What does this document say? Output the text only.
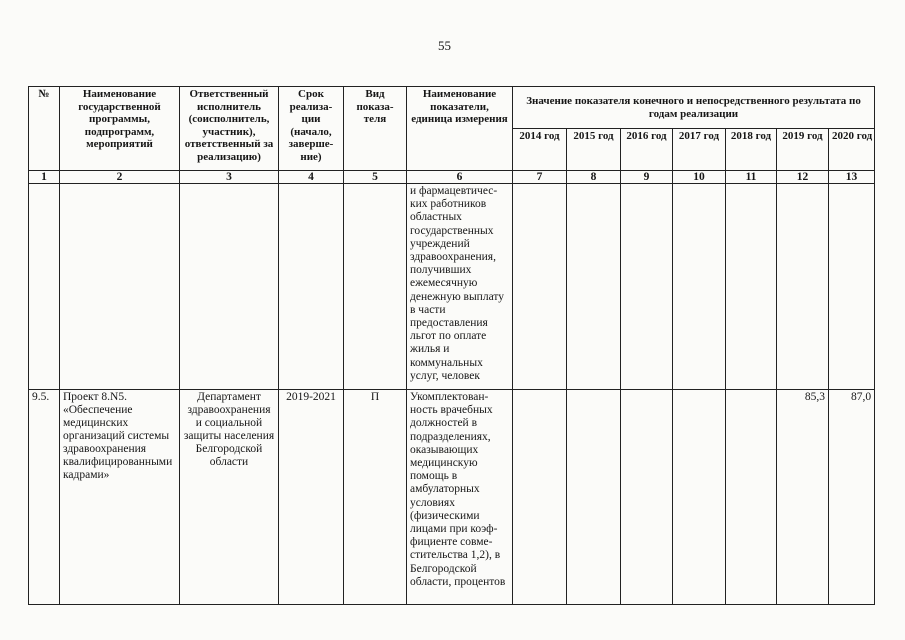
55
№	Наименование государственной программы, подпрограмм, мероприятий	Ответственный исполнитель (соисполнитель, участник), ответственный за реализацию)	Срок реализа-ции (начало, заверше-ние)	Вид показа-теля	Наименование показатели, единица измерения	Значение показателя конечного и непосредственного результата по годам реализации						
						2014 год	2015 год	2016 год	2017 год	2018 год	2019 год	2020 год
1	2	3	4	5	6	7	8	9	10	11	12	13
					и фармацевтичес-ких работников областных государственных учреждений здравоохранения, получивших ежемесячную денежную выплату в части предоставления льгот по оплате жилья и коммунальных услуг, человек							
9.5.	Проект 8.N5. «Обеспечение медицинских организаций системы здравоохранения квалифицированными кадрами»	Департамент здравоохранения и социальной защиты населения Белгородской области	2019-2021	П	Укомплектован-ность врачебных должностей в подразделениях, оказывающих медицинскую помощь в амбулаторных условиях (физическими лицами при коэф-фициенте совме-стительства 1,2), в Белгородской области, процентов						85,3	87,0
